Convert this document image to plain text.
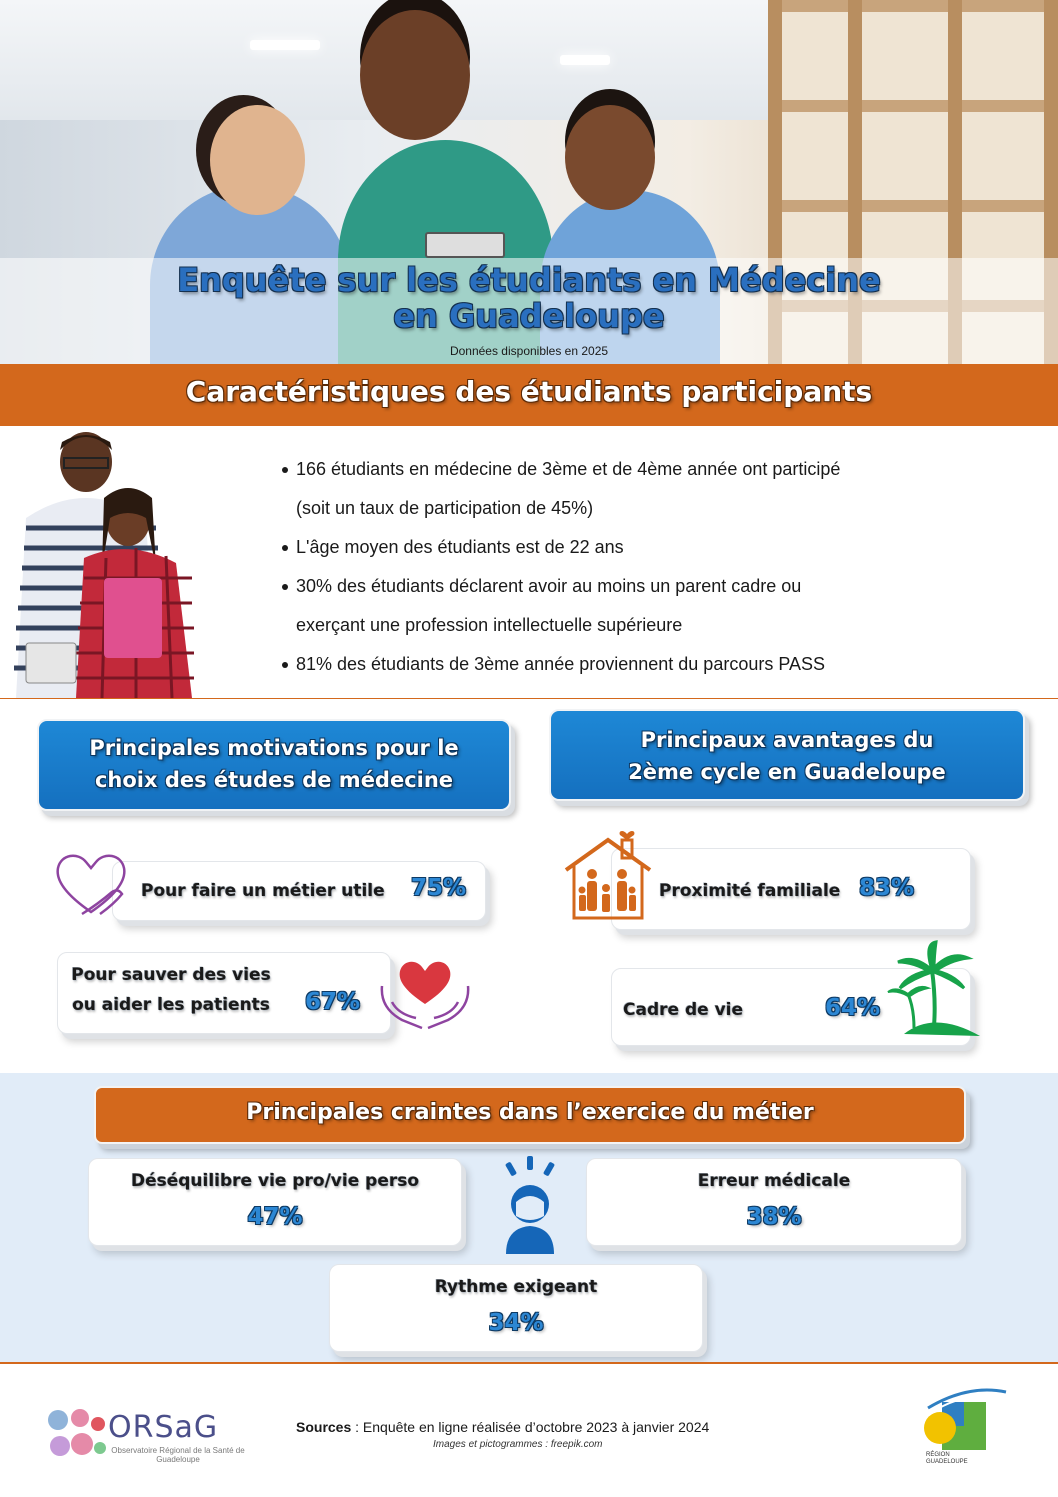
Enquête sur les étudiants en Médecine
en Guadeloupe
Données disponibles en 2025
Caractéristiques des étudiants participants
166 étudiants en médecine de 3ème et de 4ème année ont participé
(soit un taux de participation de 45%)
L'âge moyen des étudiants est de 22 ans
30% des étudiants déclarent avoir au moins un parent cadre ou
exerçant une profession intellectuelle supérieure
81% des étudiants de 3ème année proviennent du parcours PASS
Principales motivations pour le
choix des études de médecine
Pour faire un métier utile 75%
Pour sauver des vies
ou aider les patients 67%
Principaux avantages du
2ème cycle en Guadeloupe
Proximité familiale 83%
Cadre de vie	64%
Principales craintes dans l’exercice du métier
Déséquilibre vie pro/vie perso
47%
Erreur médicale
38%
Rythme exigeant
34%
ORSaG
Observatoire Régional de la Santé de Guadeloupe
Sources : Enquête en ligne réalisée d’octobre 2023 à janvier 2024
Images et pictogrammes : freepik.com
RÉGION GUADELOUPE
